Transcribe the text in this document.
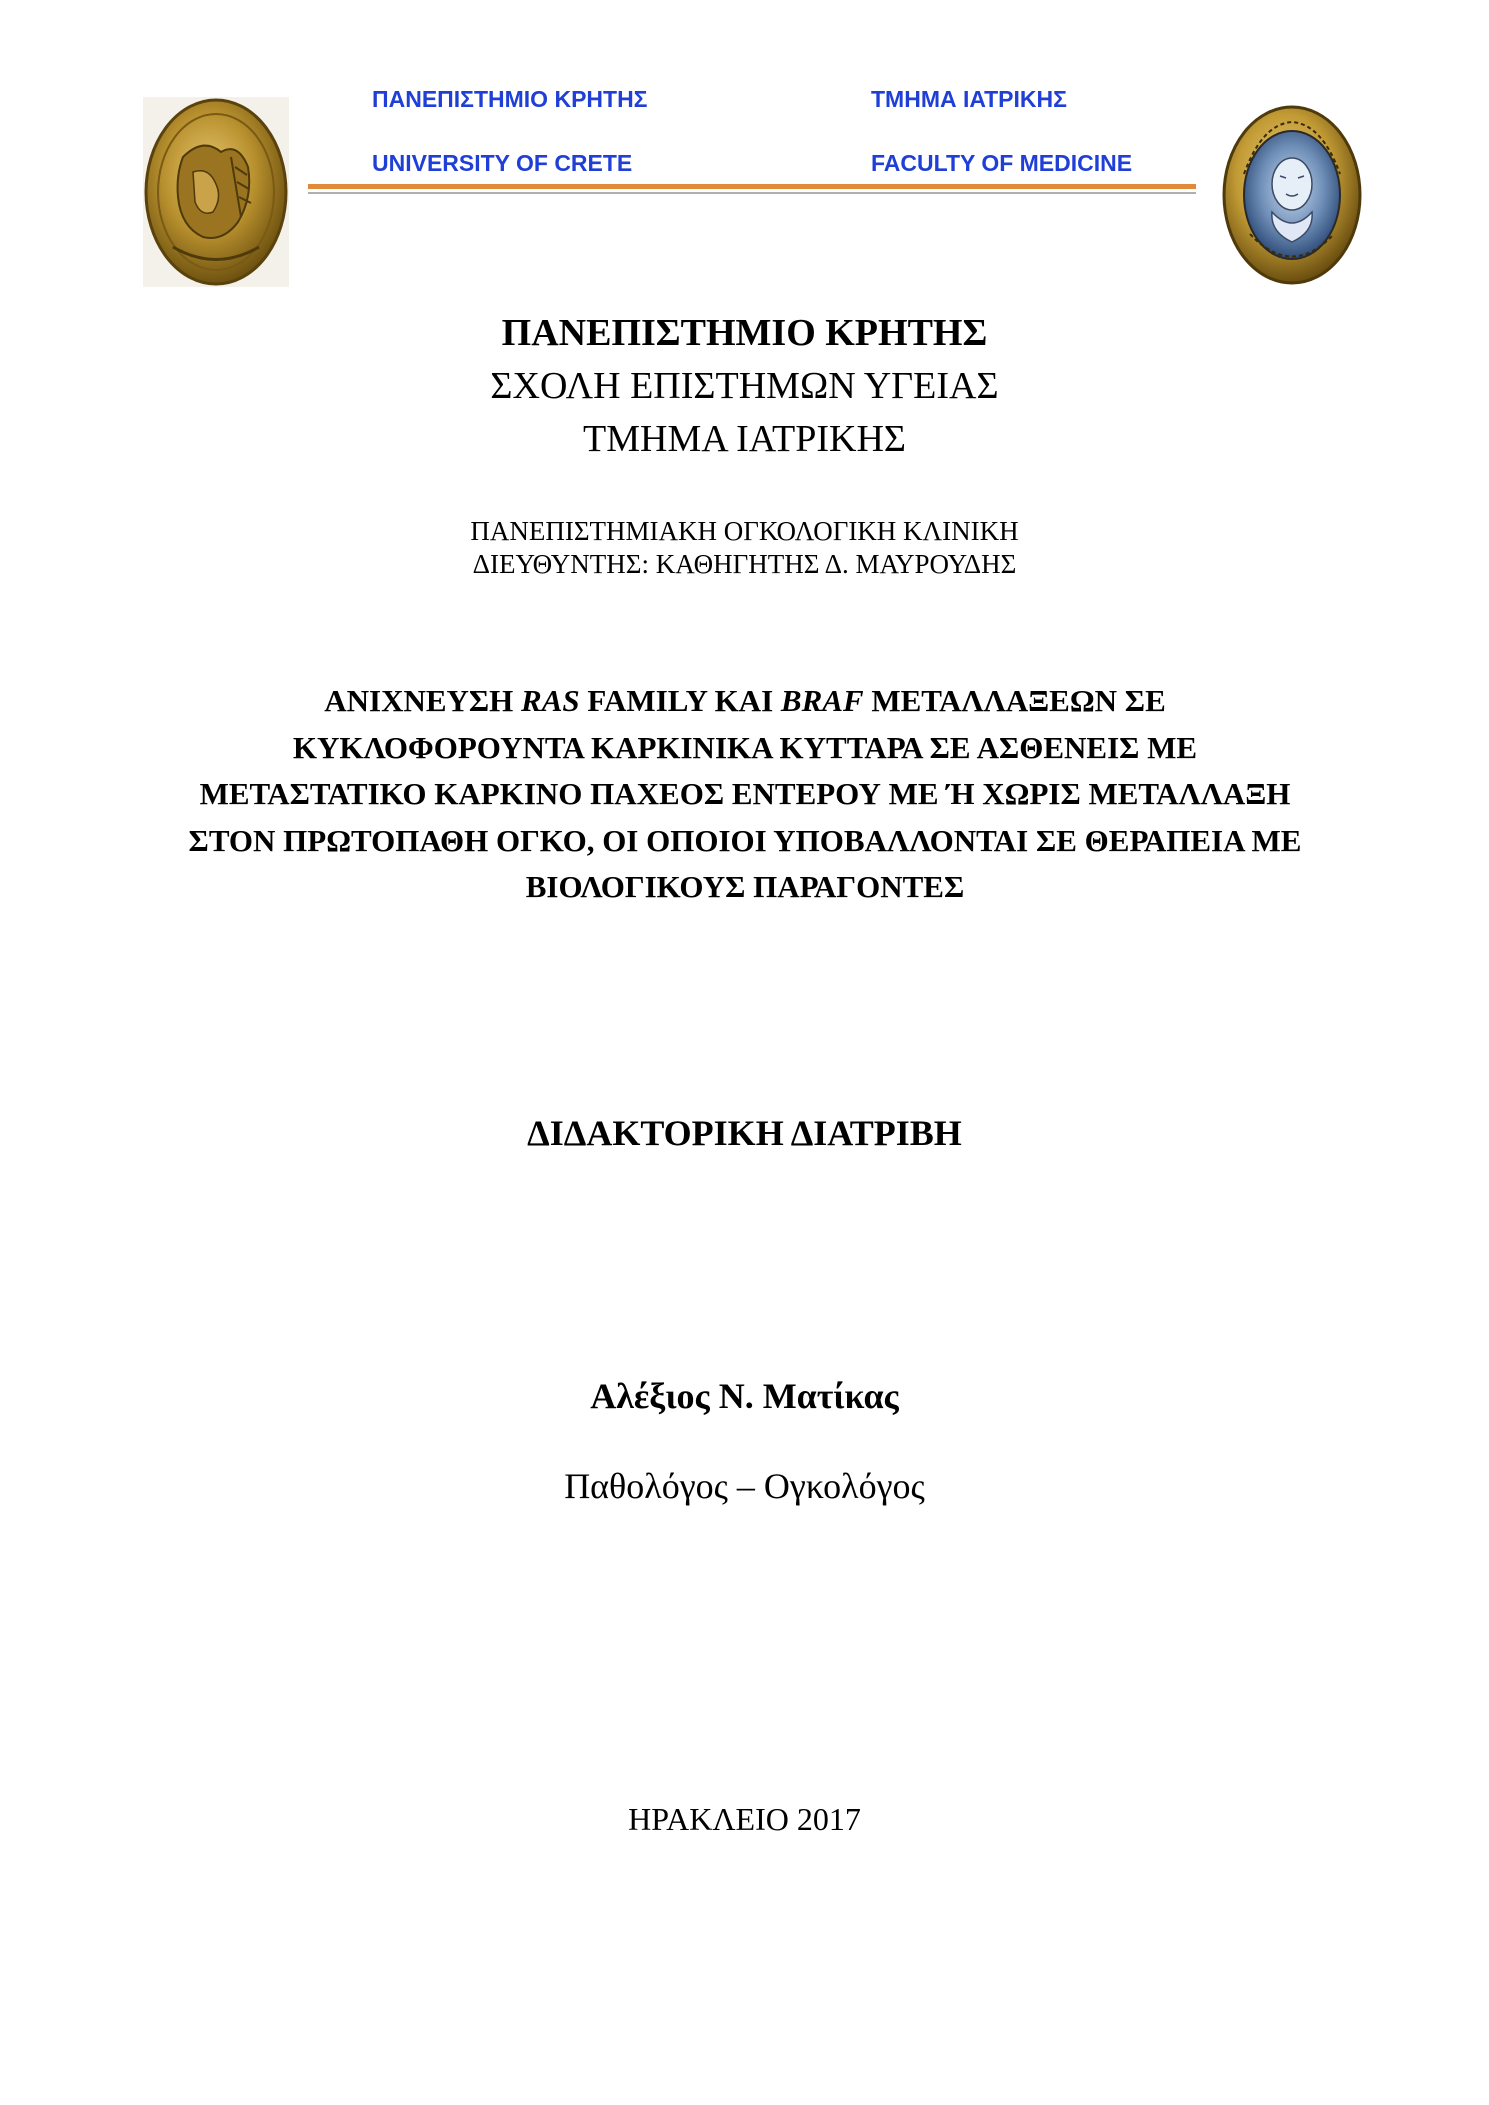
ΠΑΝΕΠΙΣΤΗΜΙΟ ΚΡΗΤΗΣ	ΤΜΗΜΑ ΙΑΤΡΙΚΗΣ
UNIVERSITY OF CRETE	FACULTY OF MEDICINE
ΠΑΝΕΠΙΣΤΗΜΙΟ ΚΡΗΤΗΣ
ΣΧΟΛΗ ΕΠΙΣΤΗΜΩΝ ΥΓΕΙΑΣ
ΤΜΗΜΑ ΙΑΤΡΙΚΗΣ
ΠΑΝΕΠΙΣΤΗΜΙΑΚΗ ΟΓΚΟΛΟΓΙΚΗ ΚΛΙΝΙΚΗ
ΔΙΕΥΘΥΝΤΗΣ: ΚΑΘΗΓΗΤΗΣ Δ. ΜΑΥΡΟΥΔΗΣ
ΑΝΙΧΝΕΥΣΗ RAS FAMILY ΚΑΙ BRAF ΜΕΤΑΛΛΑΞΕΩΝ ΣΕ ΚΥΚΛΟΦΟΡΟΥΝΤΑ ΚΑΡΚΙΝΙΚΑ ΚΥΤΤΑΡΑ ΣΕ ΑΣΘΕΝΕΙΣ ΜΕ ΜΕΤΑΣΤΑΤΙΚΟ ΚΑΡΚΙΝΟ ΠΑΧΕΟΣ ΕΝΤΕΡΟΥ ΜΕ Ή ΧΩΡΙΣ ΜΕΤΑΛΛΑΞΗ ΣΤΟΝ ΠΡΩΤΟΠΑΘΗ ΟΓΚΟ, ΟΙ ΟΠΟΙΟΙ ΥΠΟΒΑΛΛΟΝΤΑΙ ΣΕ ΘΕΡΑΠΕΙΑ ΜΕ ΒΙΟΛΟΓΙΚΟΥΣ ΠΑΡΑΓΟΝΤΕΣ
ΔΙΔΑΚΤΟΡΙΚΗ ΔΙΑΤΡΙΒΗ
Αλέξιος Ν. Ματίκας
Παθολόγος – Ογκολόγος
ΗΡΑΚΛΕΙΟ 2017
